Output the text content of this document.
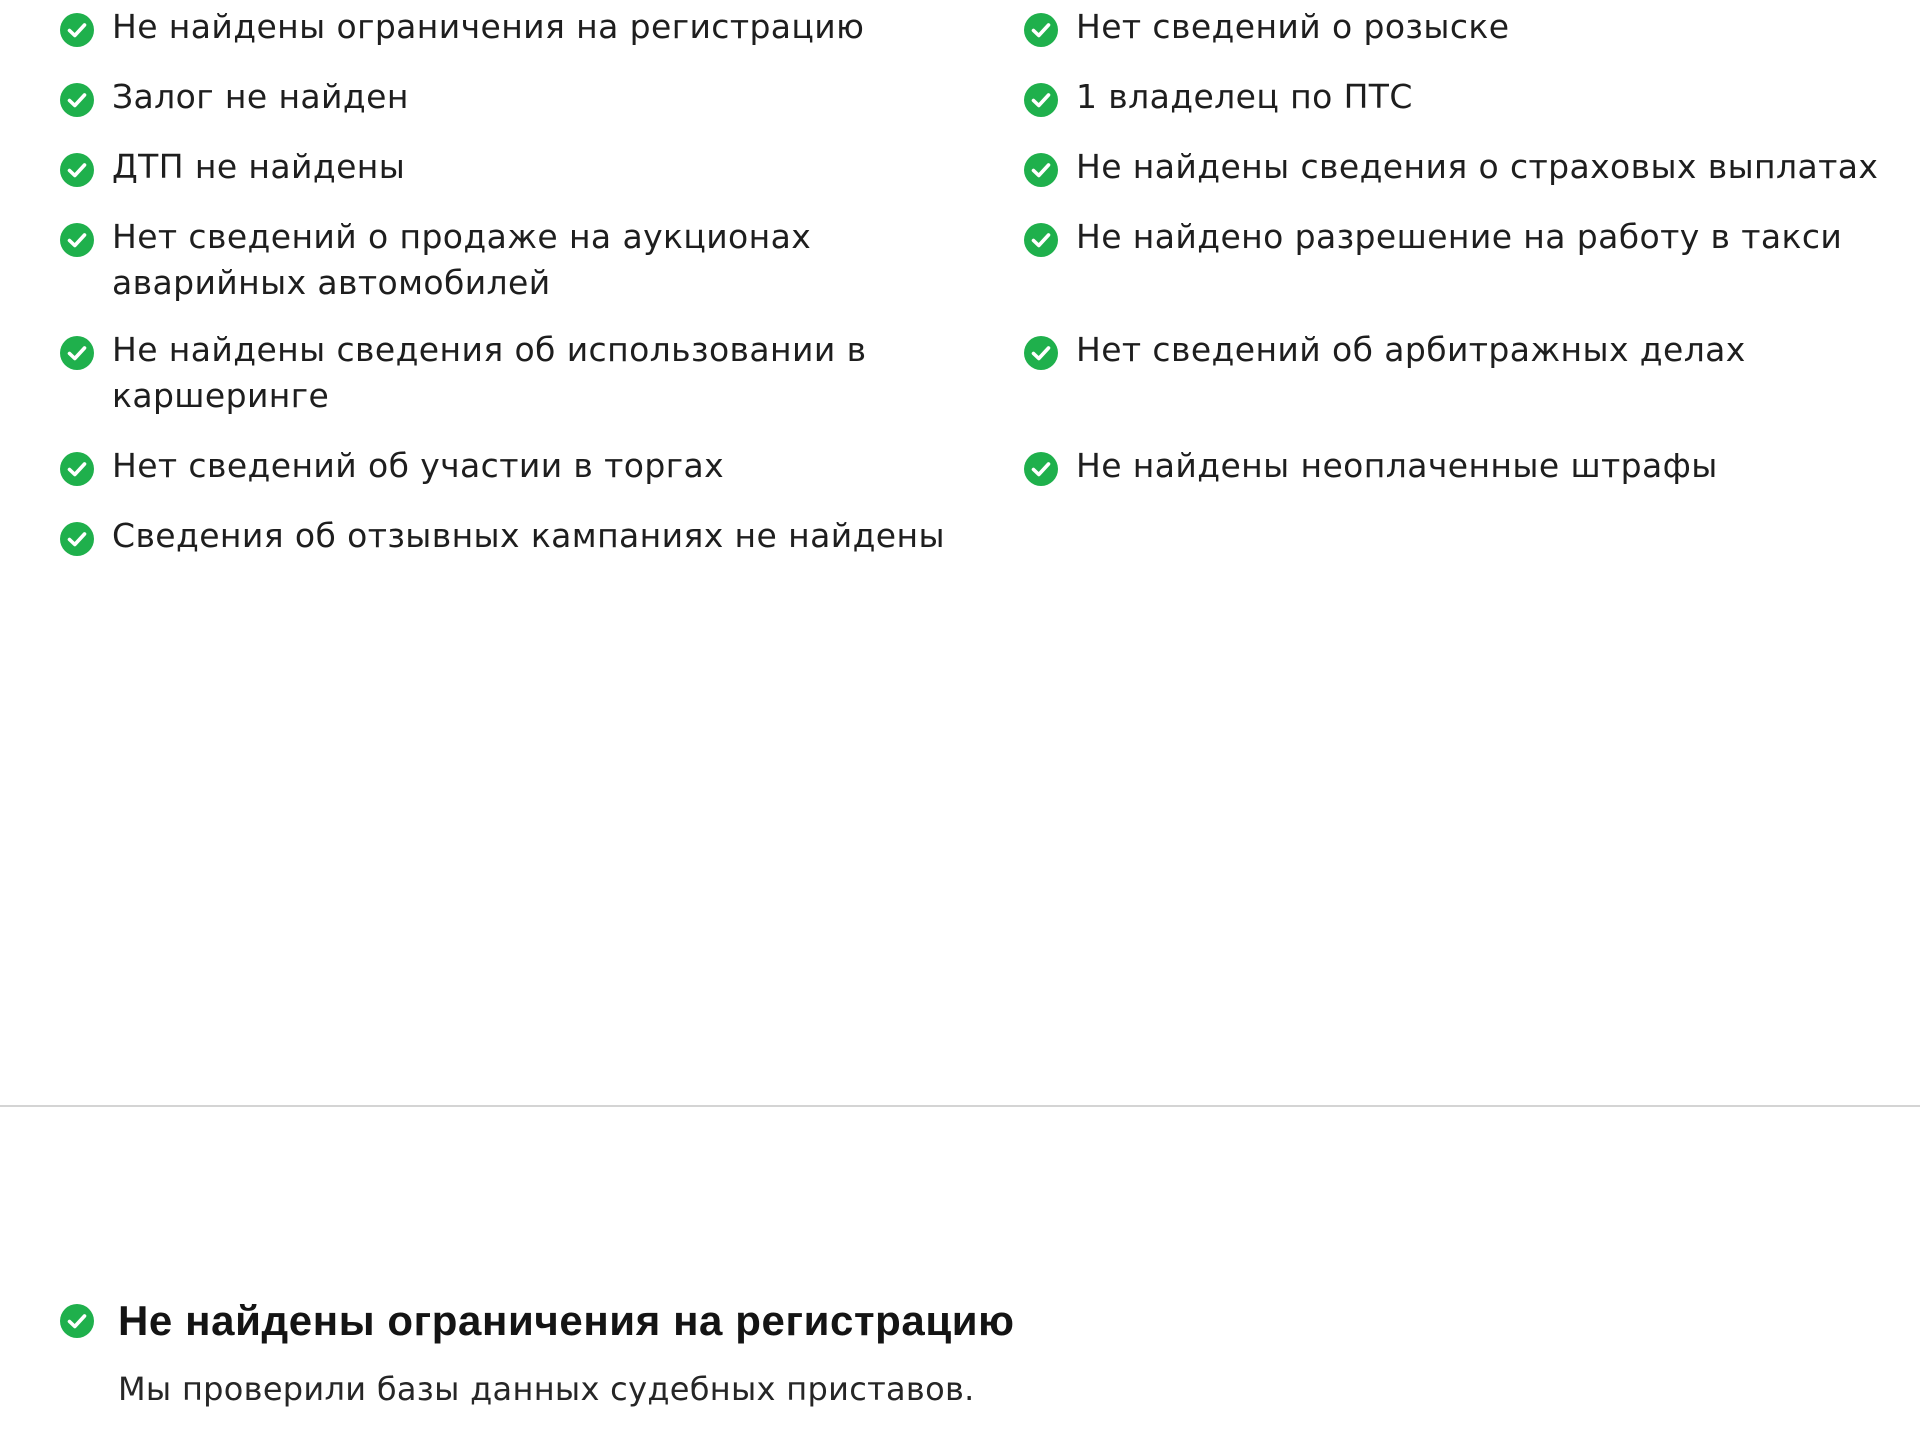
Не найдены ограничения на регистрацию
Залог не найден
ДТП не найдены
Нет сведений о продаже на аукционах аварийных автомобилей
Не найдены сведения об использовании в каршеринге
Нет сведений об участии в торгах
Сведения об отзывных кампаниях не найдены
Нет сведений о розыске
1 владелец по ПТС
Не найдены сведения о страховых выплатах
Не найдено разрешение на работу в такси
Нет сведений об арбитражных делах
Не найдены неоплаченные штрафы
Не найдены ограничения на регистрацию

Мы проверили базы данных судебных приставов.
